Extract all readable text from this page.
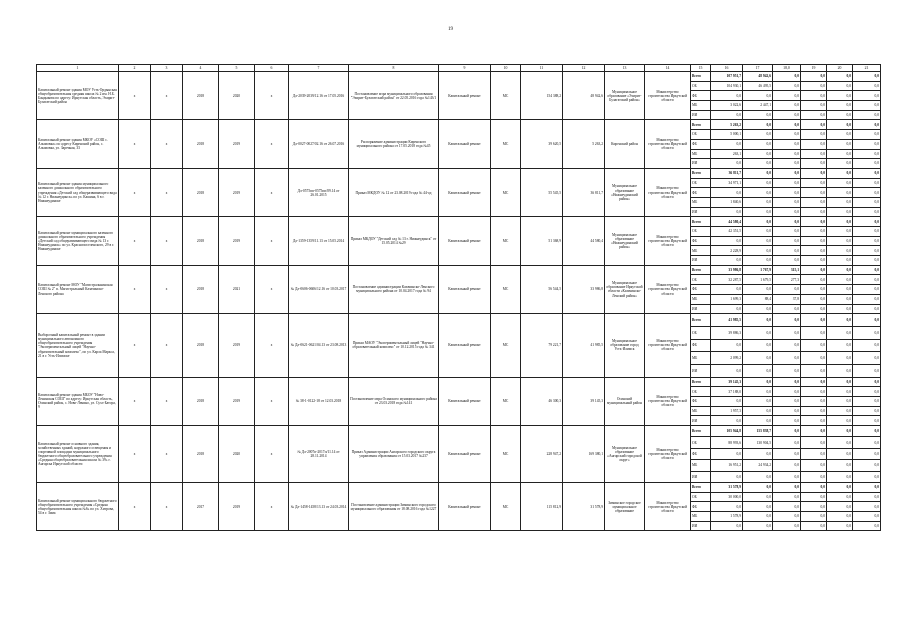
19
1	2	3	4	5	6	7	8	9	10	11	12	13	14	15	16	17	18,0	19	20	21
Капитальный ремонт здания МОУ Усть-Ордынская общеобразовательная средняя школа № 2 им. Н.Б. Бандыкова по адресу: Иркутская область, Эхирит-Булагатский район	х	х	2018	2020	х	Дл-2039-2039/12.16 от 17.05.2016	Постановление мэра муниципального образования "Эхирит-Булагатский район" от 22.05.2016 года №143/1	Капитальный ремонт	МС	154 388,2	48 942,6	Муниципальное образование «Эхирит-Булагатский район»	Министерство строительства Иркутской области	Всего	107 951,7	48 942,6	0,0	0,0	0,0	0,0
														ОБ	104 930,1	46 495,5	0,0	0,0	0,0	0,0
														ФБ	0,0	0,0	0,0	0,0	0,0	0,0
														МБ	3 022,6	2 447,1	0,0	0,0	0,0	0,0
														ИИ	0,0	0,0	0,0	0,0	0,0	0,0
Капитальный ремонт здания МКОУ «СОШ с. Алымовка» по адресу Киренский район, с. Алымовка, ул. Заречная, 33	х	х	2018	2019	х	Дл-0027-0027/02.16 от 26.07.2016	Распоряжение администрации Киренского муниципального района от 17.05.2018 года №45	Капитальный ремонт	МС	39 620,5	5 263,2	Киренский район	Министерство строительства Иркутской области	Всего	5 263,2	0,0	0,0	0,0	0,0	0,0
														ОБ	5 000,1	0,0	0,0	0,0	0,0	0,0
														ФБ	0,0	0,0	0,0	0,0	0,0	0,0
														МБ	263,1	0,0	0,0	0,0	0,0	0,0
														ИИ	0,0	0,0	0,0	0,0	0,0	0,0
Капитальный ремонт здания муниципального казенного дошкольного образовательного учреждения «Детский сад общеразвивающего вида № 12 г. Нижнеудинск» по ул. Кашина, 6 в г. Нижнеудинске	х	х	2018	2019	х	Дл-0575пп-0575пп/09.14 от 26.01.2015	Приказ МКДОУ № 12 от 23.08.2019 года № 44-од	Капитальный ремонт	МС	55 545,5	36 811,7	Муниципальное образование «Нижнеудинский район»	Министерство строительства Иркутской области	Всего	36 811,7	0,0	0,0	0,0	0,0	0,0
														ОБ	34 971,1	0,0	0,0	0,0	0,0	0,0
														ФБ	0,0	0,0	0,0	0,0	0,0	0,0
														МБ	1 840,6	0,0	0,0	0,0	0,0	0,0
														ИИ	0,0	0,0	0,0	0,0	0,0	0,0
Капитальный ремонт муниципального казенного дошкольного образовательного учреждения «Детский сад общеразвивающего вида № 13 г. Нижнеудинск» по ул. Краснопоселенского, 29 в г. Нижнеудинске	х	х	2018	2019	х	Дл-1359-1359/11.13 от 15.05.2014	Приказ МКДОУ "Детский сад № 13 г. Нижнеудинск" от 15.05.2014 №29	Капитальный ремонт	МС	51 368,9	44 580,4	Муниципальное образование «Нижнеудинский район»	Министерство строительства Иркутской области	Всего	44 580,4	0,0	0,0	0,0	0,0	0,0
														ОБ	42 351,5	0,0	0,0	0,0	0,0	0,0
														ФБ	0,0	0,0	0,0	0,0	0,0	0,0
														МБ	2 228,9	0,0	0,0	0,0	0,0	0,0
														ИИ	0,0	0,0	0,0	0,0	0,0	0,0
Капитальный ремонт МОУ "Магистральнинская СОШ № 2" п. Магистральный Казачинско-Ленского района	х	х	2018	2021	х	№ Дл-0606-0606/12.16 от 10.03.2017	Постановление администрации Казачинско-Ленского муниципального района от 10.04.2017 года № 94	Капитальный ремонт	МС	56 544,5	33 986,8	Муниципальное образование Иркутской области «Казачинско-Ленский район»	Министерство строительства Иркутской области	Всего	33 986,8	1 767,9	315,1	0,0	0,0	0,0
														ОБ	32 287,5	1 679,5	277,3	0,0	0,0	0,0
														ФБ	0,0	0,0	0,0	0,0	0,0	0,0
														МБ	1 699,3	88,4	37,8	0,0	0,0	0,0
														ИИ	0,0	0,0	0,0	0,0	0,0	0,0
Выборочный капитальный ремонт в здании муниципального автономного общеобразовательного учреждения "Экспериментальный лицей "Научно-образовательный комплекс", по ул. Карла Маркса, 21 в г. Усть-Илимске	х	х	2018	2019	х	№ Дл-0621-0621/04.13 от 23.08.2013	Приказ МАОУ "Экспериментальный лицей "Научно-образовательный комплекс" от 10.12.2015 года № 341	Капитальный ремонт	МС	79 221,7	41 985,5	Муниципальное образование город Усть-Илимск	Министерство строительства Иркутской области	Всего	41 985,5	0,0	0,0	0,0	0,0	0,0
														ОБ	39 886,3	0,0	0,0	0,0	0,0	0,0
														ФБ	0,0	0,0	0,0	0,0	0,0	0,0
														МБ	2 099,2	0,0	0,0	0,0	0,0	0,0
														ИИ	0,0	0,0	0,0	0,0	0,0	0,0
Капитальный ремонт здания МБОУ "Ново-Ленинская СОШ" по адресу: Иркутская область, Осинский район, с. Ново-Ленино, ул. Сухэ-Батора, 9	х	х	2018	2019	х	№ 38-1-0122-18 от 12.03.2018	Постановление мэра Осинского муниципального района от 23.03.2018 года №141	Капитальный ремонт	МС	46 300,3	39 145,3	Осинский муниципальный район	Министерство строительства Иркутской области	Всего	39 145,3	0,0	0,0	0,0	0,0	0,0
														ОБ	37 188,0	0,0	0,0	0,0	0,0	0,0
														ФБ	0,0	0,0	0,0	0,0	0,0	0,0
														МБ	1 957,3	0,0	0,0	0,0	0,0	0,0
														ИИ	0,0	0,0	0,0	0,0	0,0	0,0
Капитальный ремонт основного здания, хозяйственных зданий, наружного освещения и спортивной площадки муниципального бюджетного общеобразовательного учреждения «Средняя общеобразовательная школа № 39» г. Ангарска Иркутской области	х	х	2018	2020	х	№ Дл-2007п-2017п/11.14 от 28.11.2014	Приказ Администрации Ангарского городского округа управления образования от 15.03.2017 №237	Капитальный ремонт	МС	228 947,2	169 380,1	Муниципальное образование «Ангарский городской округ»	Министерство строительства Иркутской области	Всего	105 944,8	155 838,7	0,0	0,0	0,0	0,0
														ОБ	88 993,6	130 904,5	0,0	0,0	0,0	0,0
														ФБ	0,0	0,0	0,0	0,0	0,0	0,0
														МБ	16 951,2	24 934,2	0,0	0,0	0,0	0,0
														ИИ	0,0	0,0	0,0	0,0	0,0	0,0
Капитальный ремонт муниципального бюджетного общеобразовательного учреждения «Средняя общеобразовательная школа №6» по ул. Хитрова, 54 в г. Зима	х	х	2017	2019	х	№ Дл-1458-1458/13.13 от 24.03.2014	Постановление администрации Зиминского городского муниципального образования от 18.08.2016 года №1227	Капитальный ремонт	МС	115 812,9	31 578,9	Зиминское городское муниципальное образование	Министерство строительства Иркутской области	Всего	31 578,9	0,0	0,0	0,0	0,0	0,0
														ОБ	30 000,0	0,0	0,0	0,0	0,0	0,0
														ФБ	0,0	0,0	0,0	0,0	0,0	0,0
														МБ	1 578,9	0,0	0,0	0,0	0,0	0,0
														ИИ	0,0	0,0	0,0	0,0	0,0	0,0
